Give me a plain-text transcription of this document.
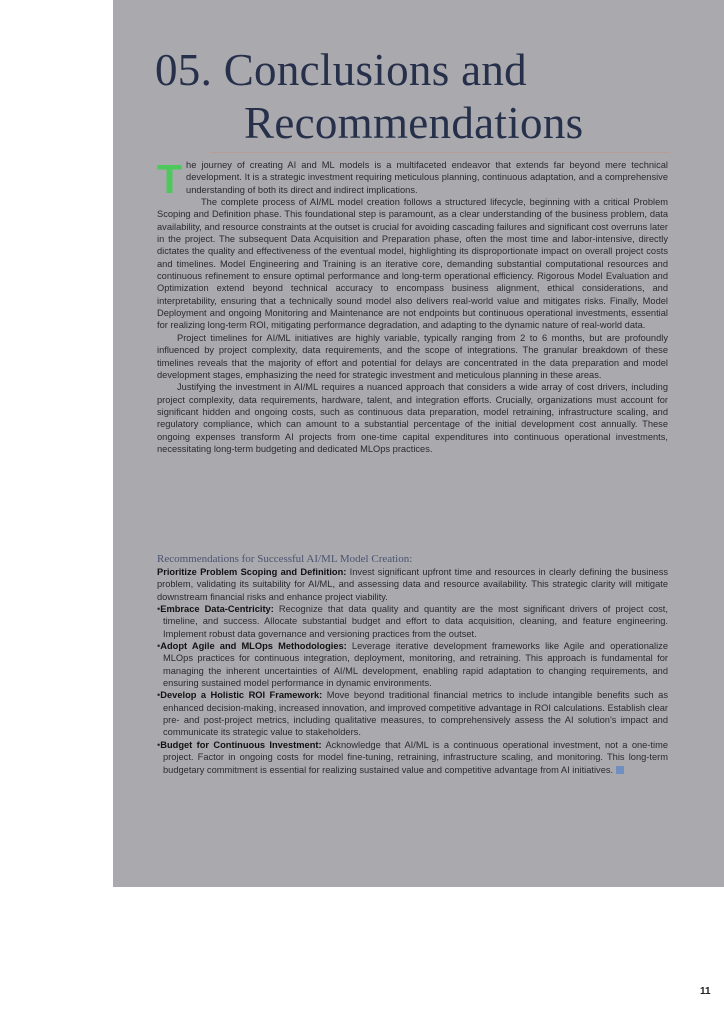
05. Conclusions and
Recommendations

The journey of creating AI and ML models is a multifaceted endeavor that extends far beyond mere technical development. It is a strategic investment requiring meticulous planning, continuous adaptation, and a comprehensive understanding of both its direct and indirect implications.

The complete process of AI/ML model creation follows a structured lifecycle, beginning with a critical Problem Scoping and Definition phase. This foundational step is paramount, as a clear understanding of the business problem, data availability, and resource constraints at the outset is crucial for avoiding cascading failures and significant cost overruns later in the project. The subsequent Data Acquisition and Preparation phase, often the most time and labor-intensive, directly dictates the quality and effectiveness of the eventual model, highlighting its disproportionate impact on overall project costs and timelines. Model Engineering and Training is an iterative core, demanding substantial computational resources and continuous refinement to ensure optimal performance and long-term operational efficiency. Rigorous Model Evaluation and Optimization extend beyond technical accuracy to encompass business alignment, ethical considerations, and interpretability, ensuring that a technically sound model also delivers real-world value and mitigates risks. Finally, Model Deployment and ongoing Monitoring and Maintenance are not endpoints but continuous operational investments, essential for realizing long-term ROI, mitigating performance degradation, and adapting to the dynamic nature of real-world data.

Project timelines for AI/ML initiatives are highly variable, typically ranging from 2 to 6 months, but are profoundly influenced by project complexity, data requirements, and the scope of integrations. The granular breakdown of these timelines reveals that the majority of effort and potential for delays are concentrated in the data preparation and model development stages, emphasizing the need for strategic investment and meticulous planning in these areas.

Justifying the investment in AI/ML requires a nuanced approach that considers a wide array of cost drivers, including project complexity, data requirements, hardware, talent, and integration efforts. Crucially, organizations must account for significant hidden and ongoing costs, such as continuous data preparation, model retraining, infrastructure scaling, and regulatory compliance, which can amount to a substantial percentage of the initial development cost annually. These ongoing expenses transform AI projects from one-time capital expenditures into continuous operational investments, necessitating long-term budgeting and dedicated MLOps practices.

Recommendations for Successful AI/ML Model Creation:

Prioritize Problem Scoping and Definition: Invest significant upfront time and resources in clearly defining the business problem, validating its suitability for AI/ML, and assessing data and resource availability. This strategic clarity will mitigate downstream financial risks and enhance project viability.

•Embrace Data-Centricity: Recognize that data quality and quantity are the most significant drivers of project cost, timeline, and success. Allocate substantial budget and effort to data acquisition, cleaning, and feature engineering. Implement robust data governance and versioning practices from the outset.

•Adopt Agile and MLOps Methodologies: Leverage iterative development frameworks like Agile and operationalize MLOps practices for continuous integration, deployment, monitoring, and retraining. This approach is fundamental for managing the inherent uncertainties of AI/ML development, enabling rapid adaptation to changing requirements, and ensuring sustained model performance in dynamic environments.

•Develop a Holistic ROI Framework: Move beyond traditional financial metrics to include intangible benefits such as enhanced decision-making, increased innovation, and improved competitive advantage in ROI calculations. Establish clear pre- and post-project metrics, including qualitative measures, to comprehensively assess the AI solution's impact and communicate its strategic value to stakeholders.

•Budget for Continuous Investment: Acknowledge that AI/ML is a continuous operational investment, not a one-time project. Factor in ongoing costs for model fine-tuning, retraining, infrastructure scaling, and monitoring. This long-term budgetary commitment is essential for realizing sustained value and competitive advantage from AI initiatives.

11
